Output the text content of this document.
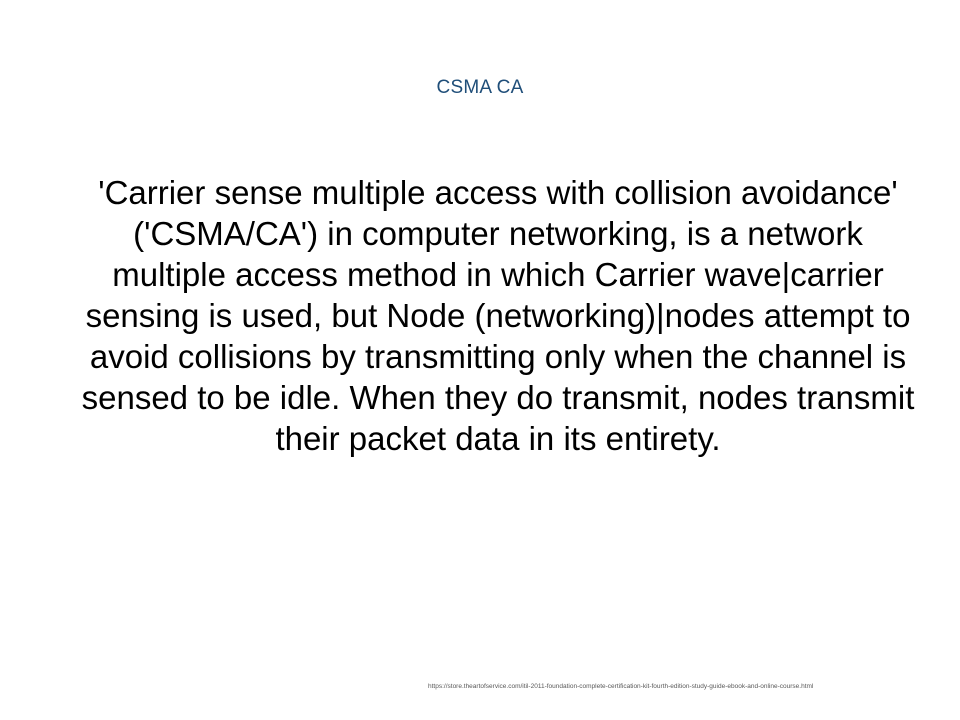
CSMA CA
'Carrier sense multiple access with collision avoidance' ('CSMA/CA') in computer networking, is a network multiple access method in which Carrier wave|carrier sensing is used, but Node (networking)|nodes attempt to avoid collisions by transmitting only when the channel is sensed to be idle. When they do transmit, nodes transmit their packet data in its entirety.
https://store.theartofservice.com/itil-2011-foundation-complete-certification-kit-fourth-edition-study-guide-ebook-and-online-course.html
